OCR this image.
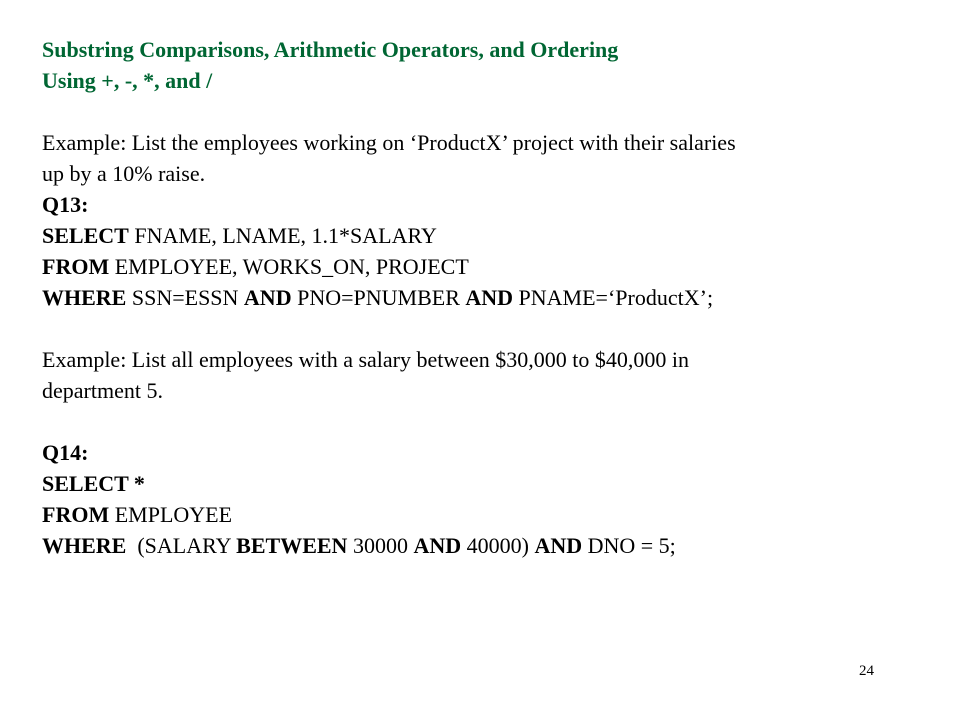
Substring Comparisons, Arithmetic Operators, and Ordering
Using +, -, *, and /
Example: List the employees working on ‘ProductX’ project with their salaries
up by a 10% raise.
Q13:
SELECT FNAME, LNAME, 1.1*SALARY
FROM EMPLOYEE, WORKS_ON, PROJECT
WHERE SSN=ESSN AND PNO=PNUMBER AND PNAME=‘ProductX’;
Example: List all employees with a salary between $30,000 to $40,000 in
department 5.
Q14:
SELECT *
FROM EMPLOYEE
WHERE  (SALARY BETWEEN 30000 AND 40000) AND DNO = 5;
24
